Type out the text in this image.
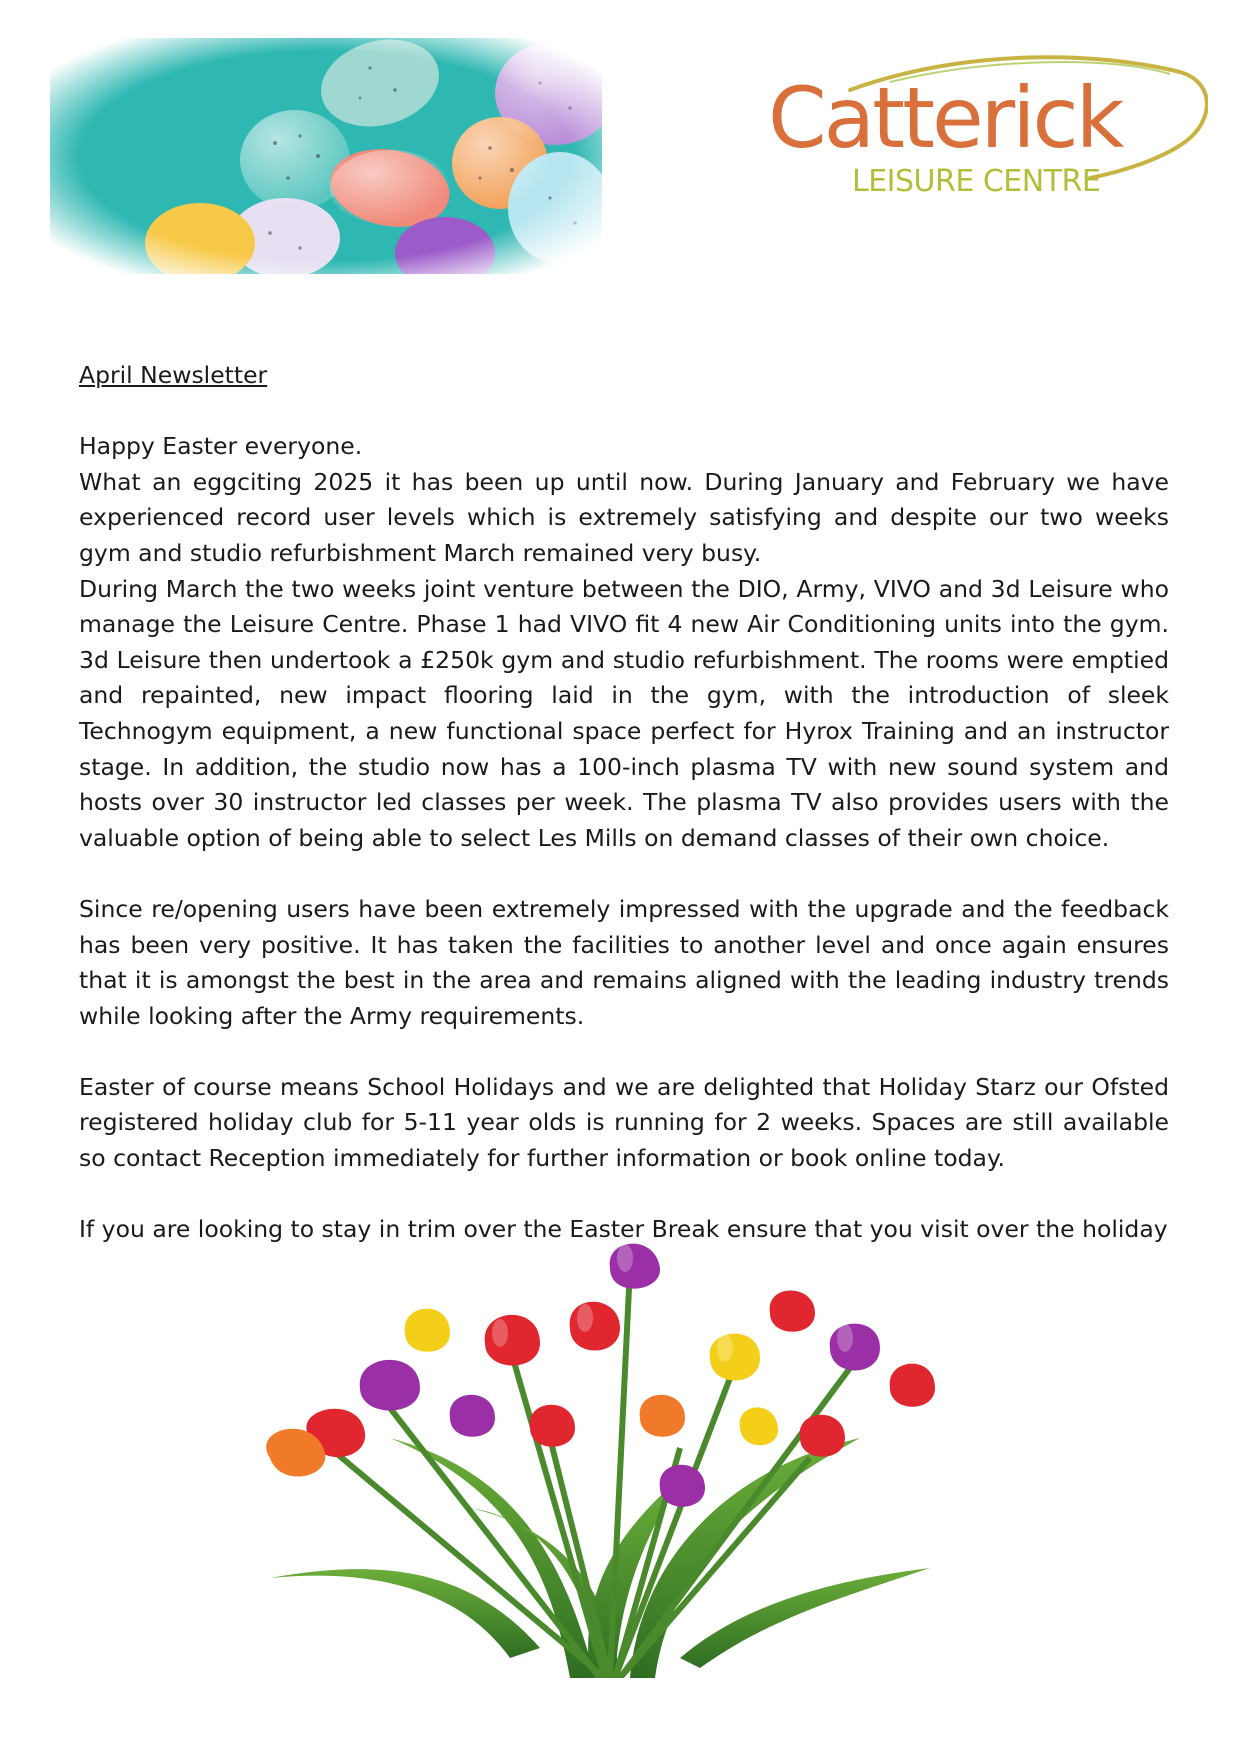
Catterick
LEISURE CENTRE

April Newsletter

Happy Easter everyone.

What an eggciting 2025 it has been up until now. During January and February we have experienced record user levels which is extremely satisfying and despite our two weeks gym and studio refurbishment March remained very busy.

During March the two weeks joint venture between the DIO, Army, VIVO and 3d Leisure who manage the Leisure Centre. Phase 1 had VIVO fit 4 new Air Conditioning units into the gym. 3d Leisure then undertook a £250k gym and studio refurbishment. The rooms were emptied and repainted, new impact flooring laid in the gym, with the introduction of sleek Technogym equipment, a new functional space perfect for Hyrox Training and an instructor stage. In addition, the studio now has a 100-inch plasma TV with new sound system and hosts over 30 instructor led classes per week. The plasma TV also provides users with the valuable option of being able to select Les Mills on demand classes of their own choice.

Since re/opening users have been extremely impressed with the upgrade and the feedback has been very positive. It has taken the facilities to another level and once again ensures that it is amongst the best in the area and remains aligned with the leading industry trends while looking after the Army requirements.

Easter of course means School Holidays and we are delighted that Holiday Starz our Ofsted registered holiday club for 5-11 year olds is running for 2 weeks. Spaces are still available so contact Reception immediately for further information or book online today.

If you are looking to stay in trim over the Easter Break ensure that you visit over the holiday
